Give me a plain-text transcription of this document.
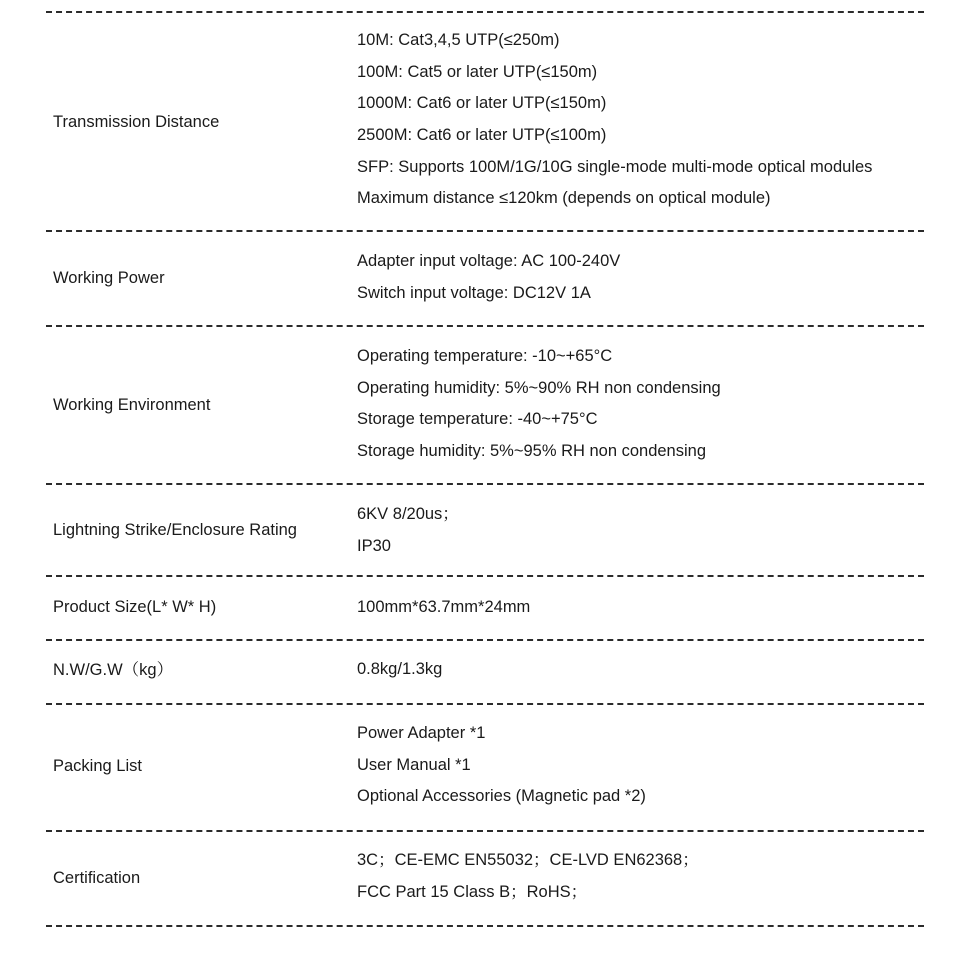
Transmission Distance
10M: Cat3,4,5 UTP(≤250m)
100M: Cat5 or later UTP(≤150m)
1000M: Cat6 or later UTP(≤150m)
2500M: Cat6 or later UTP(≤100m)
SFP: Supports 100M/1G/10G single-mode multi-mode optical modules
Maximum distance ≤120km (depends on optical module)
Working Power
Adapter input voltage: AC 100-240V
Switch input voltage: DC12V 1A
Working Environment
Operating temperature: -10~+65°C
Operating humidity: 5%~90% RH non condensing
Storage temperature: -40~+75°C
Storage humidity: 5%~95% RH non condensing
Lightning Strike/Enclosure Rating
6KV 8/20us；
IP30
Product Size(L* W* H)	100mm*63.7mm*24mm
N.W/G.W（kg）	0.8kg/1.3kg
Packing List
Power Adapter *1
User Manual *1
Optional Accessories (Magnetic pad *2)
Certification
3C；CE-EMC EN55032；CE-LVD EN62368；
FCC Part 15 Class B；RoHS；
